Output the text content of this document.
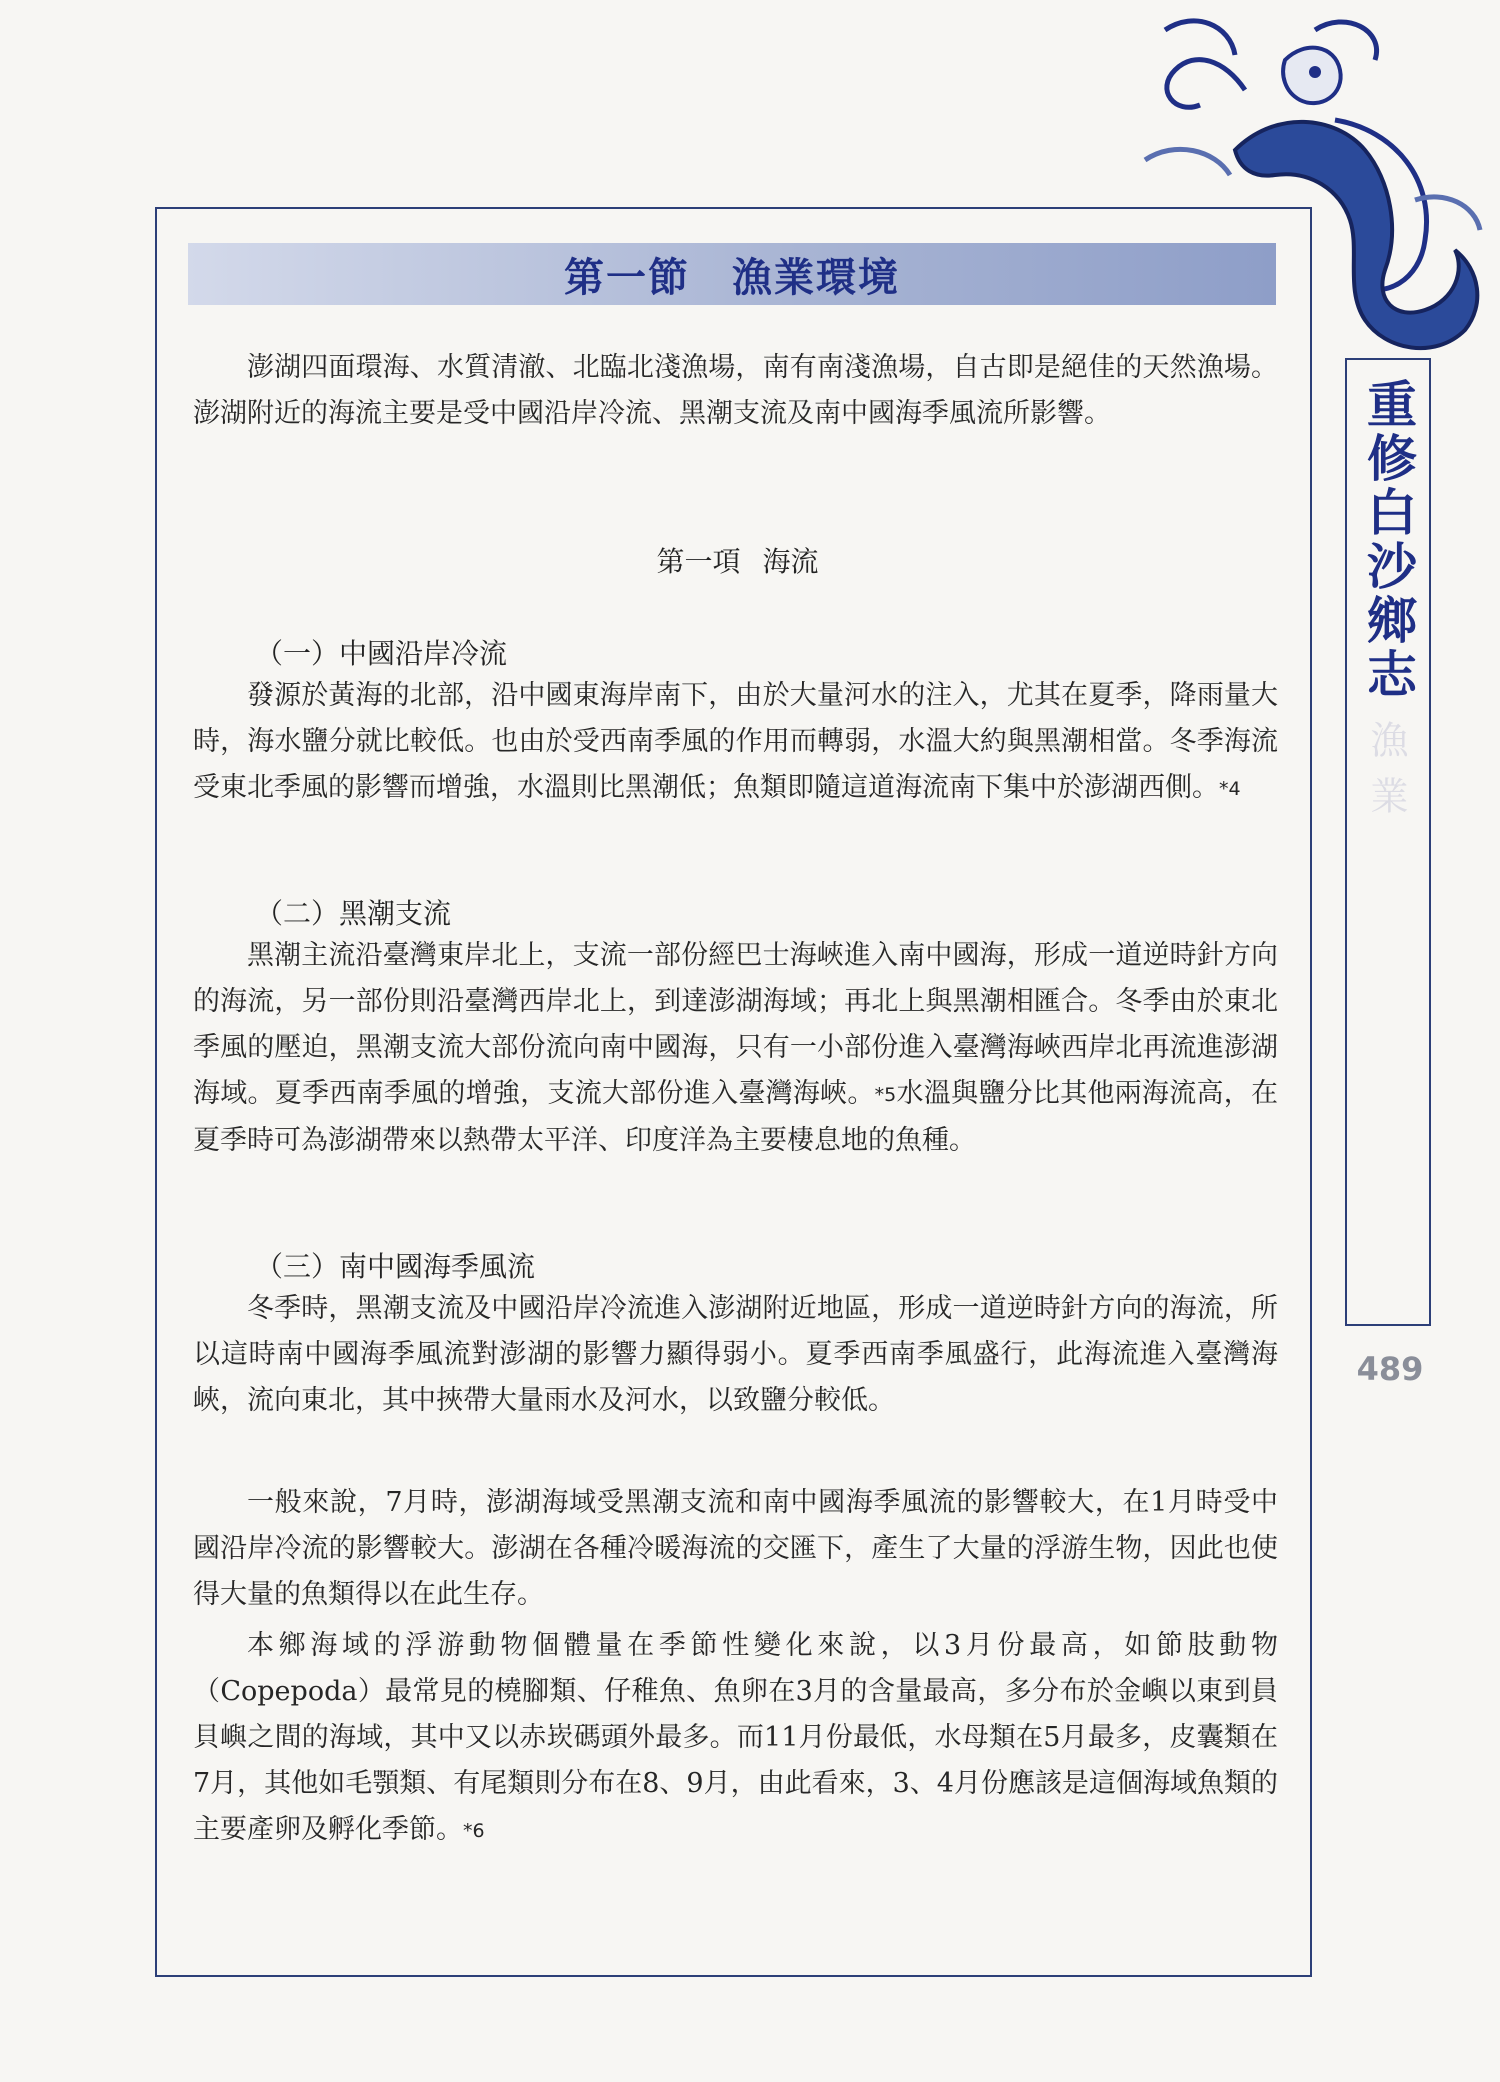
第一節　漁業環境
重修白沙鄉志
漁業
489

澎湖四面環海、水質清澈、北臨北淺漁場，南有南淺漁場，自古即是絕佳的天然漁場。澎湖附近的海流主要是受中國沿岸冷流、黑潮支流及南中國海季風流所影響。

第一項 海流
（一）中國沿岸冷流

發源於黃海的北部，沿中國東海岸南下，由於大量河水的注入，尤其在夏季，降雨量大時，海水鹽分就比較低。也由於受西南季風的作用而轉弱，水溫大約與黑潮相當。冬季海流受東北季風的影響而增強，水溫則比黑潮低；魚類即隨這道海流南下集中於澎湖西側。*4

（二）黑潮支流

黑潮主流沿臺灣東岸北上，支流一部份經巴士海峽進入南中國海，形成一道逆時針方向的海流，另一部份則沿臺灣西岸北上，到達澎湖海域；再北上與黑潮相匯合。冬季由於東北季風的壓迫，黑潮支流大部份流向南中國海，只有一小部份進入臺灣海峽西岸北再流進澎湖海域。夏季西南季風的增強，支流大部份進入臺灣海峽。*5水溫與鹽分比其他兩海流高，在夏季時可為澎湖帶來以熱帶太平洋、印度洋為主要棲息地的魚種。

（三）南中國海季風流

冬季時，黑潮支流及中國沿岸冷流進入澎湖附近地區，形成一道逆時針方向的海流，所以這時南中國海季風流對澎湖的影響力顯得弱小。夏季西南季風盛行，此海流進入臺灣海峽，流向東北，其中挾帶大量雨水及河水，以致鹽分較低。

一般來說，7月時，澎湖海域受黑潮支流和南中國海季風流的影響較大，在1月時受中國沿岸冷流的影響較大。澎湖在各種冷暖海流的交匯下，產生了大量的浮游生物，因此也使得大量的魚類得以在此生存。

本鄉海域的浮游動物個體量在季節性變化來說，以3月份最高，如節肢動物（Copepoda）最常見的橈腳類、仔稚魚、魚卵在3月的含量最高，多分布於金嶼以東到員貝嶼之間的海域，其中又以赤崁碼頭外最多。而11月份最低，水母類在5月最多，皮囊類在7月，其他如毛顎類、有尾類則分布在8、9月，由此看來，3、4月份應該是這個海域魚類的主要產卵及孵化季節。*6
